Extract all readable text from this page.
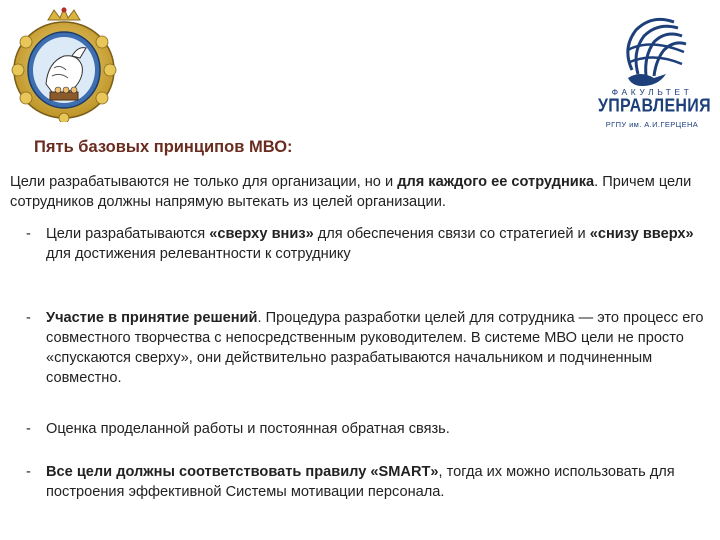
ФАКУЛЬТЕТ
УПРАВЛЕНИЯ
РГПУ им. А.И.ГЕРЦЕНА
Пять базовых принципов МВО:
Цели разрабатываются не только для организации, но и для каждого ее сотрудника. Причем цели сотрудников должны напрямую вытекать из целей организации.
- Цели разрабатываются «сверху вниз» для обеспечения связи со стратегией и «снизу вверх» для достижения релевантности к сотруднику
- Участие в принятие решений. Процедура разработки целей для сотрудника — это процесс его совместного творчества с непосредственным руководителем. В системе МВО цели не просто «спускаются сверху», они действительно разрабатываются начальником и подчиненным совместно.
- Оценка проделанной работы и постоянная обратная связь.
- Все цели должны соответствовать правилу «SMART», тогда их можно использовать для построения эффективной Системы мотивации персонала.
